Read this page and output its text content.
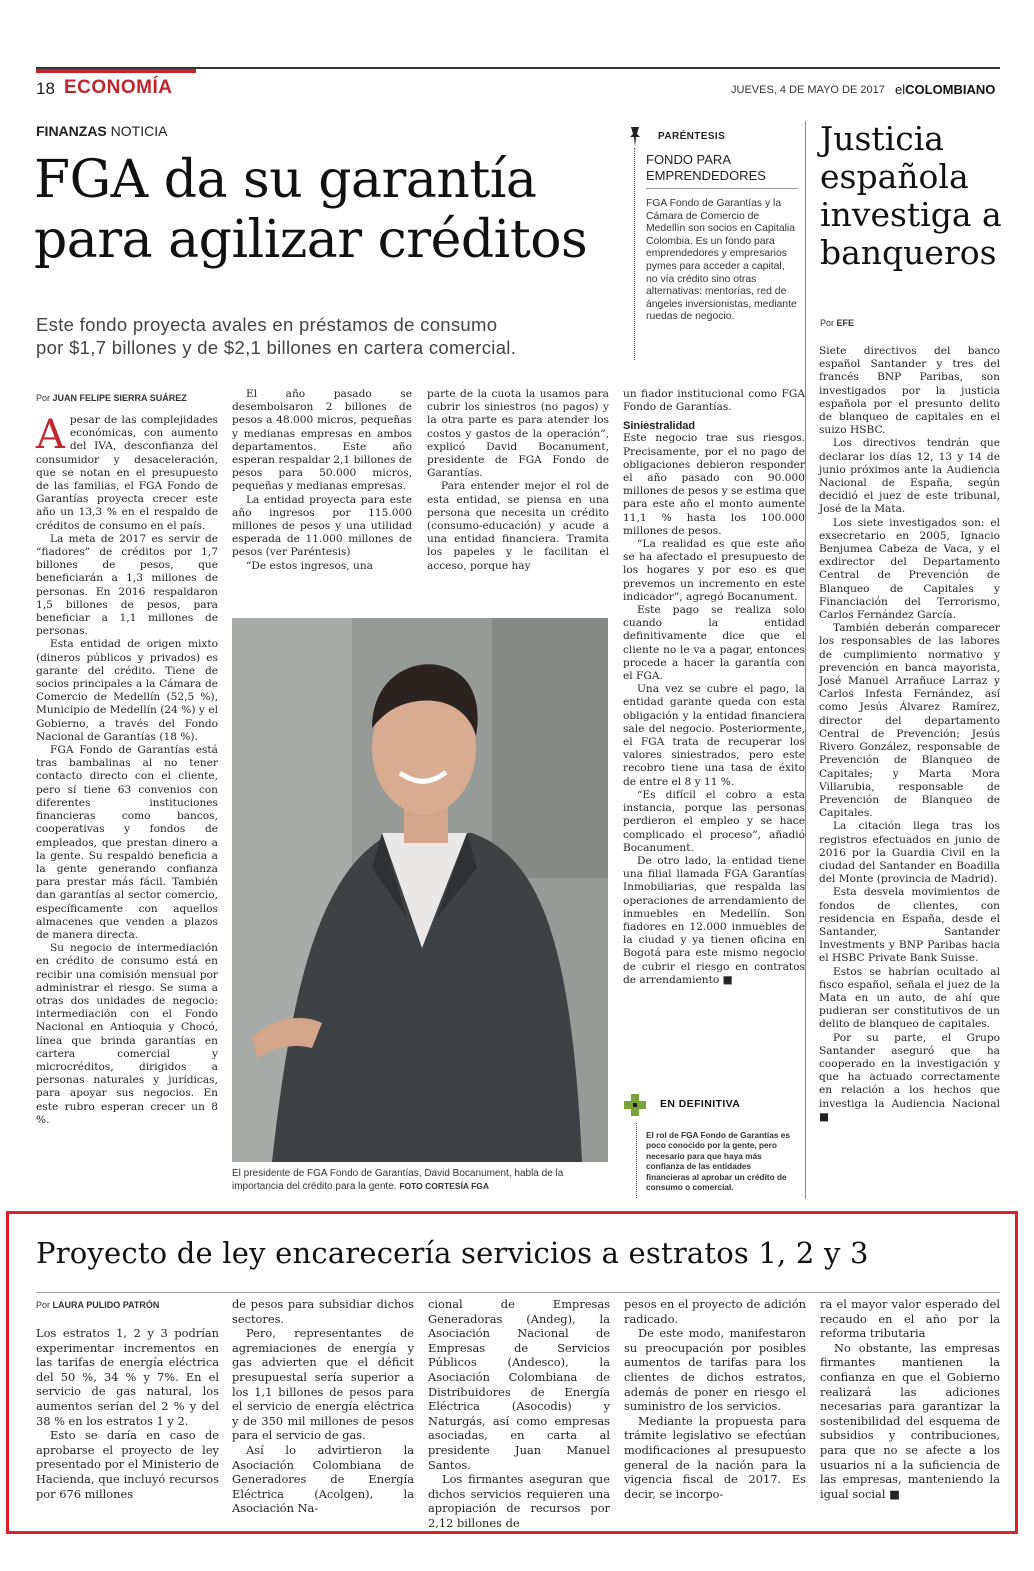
18 ECONOMÍA	JUEVES, 4 DE MAYO DE 2017 elCOLOMBIANO
FINANZAS NOTICIA
FGA da su garantía
para agilizar créditos
Este fondo proyecta avales en préstamos de consumo
por $1,7 billones y de $2,1 billones en cartera comercial.
Por JUAN FELIPE SIERRA SUÁREZ

Apesar de las complejidades económicas, con aumento del IVA, desconfianza del consumidor y desaceleración, que se notan en el presupuesto de las familias, el FGA Fondo de Garantías proyecta crecer este año un 13,3 % en el respaldo de créditos de consumo en el país.

La meta de 2017 es servir de “fiadores” de créditos por 1,7 billones de pesos, que beneficiarán a 1,3 millones de personas. En 2016 respaldaron 1,5 billones de pesos, para beneficiar a 1,1 millones de personas.

Esta entidad de origen mixto (dineros públicos y privados) es garante del crédito. Tiene de socios principales a la Cámara de Comercio de Medellín (52,5 %), Municipio de Medellín (24 %) y el Gobierno, a través del Fondo Nacional de Garantías (18 %).

FGA Fondo de Garantías está tras bambalinas al no tener contacto directo con el cliente, pero sí tiene 63 convenios con diferentes instituciones financieras como bancos, cooperativas y fondos de empleados, que prestan dinero a la gente. Su respaldo beneficia a la gente generando confianza para prestar más fácil. También dan garantías al sector comercio, específicamente con aquellos almacenes que venden a plazos de manera directa.

Su negocio de intermediación en crédito de consumo está en recibir una comisión mensual por administrar el riesgo. Se suma a otras dos unidades de negocio: intermediación con el Fondo Nacional en Antioquia y Chocó, línea que brinda garantías en cartera comercial y microcréditos, dirigidos a personas naturales y jurídicas, para apoyar sus negocios. En este rubro esperan crecer un 8 %.

El año pasado se desembolsaron 2 billones de pesos a 48.000 micros, pequeñas y medianas empresas en ambos departamentos. Este año esperan respaldar 2,1 billones de pesos para 50.000 micros, pequeñas y medianas empresas.

La entidad proyecta para este año ingresos por 115.000 millones de pesos y una utilidad esperada de 11.000 millones de pesos (ver Paréntesis)

“De estos ingresos, una

parte de la cuota la usamos para cubrir los siniestros (no pagos) y la otra parte es para atender los costos y gastos de la operación”, explicó David Bocanument, presidente de FGA Fondo de Garantías.

Para entender mejor el rol de esta entidad, se piensa en una persona que necesita un crédito (consumo-educación) y acude a una entidad financiera. Tramita los papeles y le facilitan el acceso, porque hay

El presidente de FGA Fondo de Garantías, David Bocanument, habla de la importancia del crédito para la gente. FOTO CORTESÍA FGA

un fiador institucional como FGA Fondo de Garantías.

Siniestralidad

Este negocio trae sus riesgos. Precisamente, por el no pago de obligaciones debieron responder el año pasado con 90.000 millones de pesos y se estima que para este año el monto aumente 11,1 % hasta los 100.000 millones de pesos.

“La realidad es que este año se ha afectado el presupuesto de los hogares y por eso es que prevemos un incremento en este indicador”, agregó Bocanument.

Este pago se realiza solo cuando la entidad definitivamente dice que el cliente no le va a pagar, entonces procede a hacer la garantía con el FGA.

Una vez se cubre el pago, la entidad garante queda con esta obligación y la entidad financiera sale del negocio. Posteriormente, el FGA trata de recuperar los valores siniestrados, pero este recobro tiene una tasa de éxito de entre el 8 y 11 %.

“Es difícil el cobro a esta instancia, porque las personas perdieron el empleo y se hace complicado el proceso”, añadió Bocanument.

De otro lado, la entidad tiene una filial llamada FGA Garantías Inmobiliarias, que respalda las operaciones de arrendamiento de inmuebles en Medellín. Son fiadores en 12.000 inmuebles de la ciudad y ya tienen oficina en Bogotá para este mismo negocio de cubrir el riesgo en contratos de arrendamiento ■

PARÉNTESIS
FONDO PARA EMPRENDEDORES
FGA Fondo de Garantías y la Cámara de Comercio de Medellín son socios en Capitalia Colombia. Es un fondo para emprendedores y empresarios pymes para acceder a capital, no vía crédito sino otras alternativas: mentorías, red de ángeles inversionistas, mediante ruedas de negocio.
EN DEFINITIVA
El rol de FGA Fondo de Garantías es poco conocido por la gente, pero necesario para que haya más confianza de las entidades financieras al aprobar un crédito de consumo o comercial.
Justicia española investiga a banqueros
Por EFE

Siete directivos del banco español Santander y tres del francés BNP Paribas, son investigados por la justicia española por el presunto delito de blanqueo de capitales en el suizo HSBC.

Los directivos tendrán que declarar los días 12, 13 y 14 de junio próximos ante la Audiencia Nacional de España, según decidió el juez de este tribunal, José de la Mata.

Los siete investigados son: el exsecretario en 2005, Ignacio Benjumea Cabeza de Vaca, y el exdirector del Departamento Central de Prevención de Blanqueo de Capitales y Financiación del Terrorismo, Carlos Fernández García.

También deberán comparecer los responsables de las labores de cumplimiento normativo y prevención en banca mayorista, José Manuel Arrañuce Larraz y Carlos Infesta Fernández, así como Jesús Álvarez Ramírez, director del departamento Central de Prevención; Jesús Rivero González, responsable de Prevención de Blanqueo de Capitales; y Marta Mora Villarubia, responsable de Prevención de Blanqueo de Capitales.

La citación llega tras los registros efectuados en junio de 2016 por la Guardia Civil en la ciudad del Santander en Boadilla del Monte (provincia de Madrid).

Esta desvela movimientos de fondos de clientes, con residencia en España, desde el Santander, Santander Investments y BNP Paribas hacia el HSBC Private Bank Suisse.

Estos se habrían ocultado al fisco español, señala el juez de la Mata en un auto, de ahí que pudieran ser constitutivos de un delito de blanqueo de capitales.

Por su parte, el Grupo Santander aseguró que ha cooperado en la investigación y que ha actuado correctamente en relación a los hechos que investiga la Audiencia Nacional ■

Proyecto de ley encarecería servicios a estratos 1, 2 y 3
Por LAURA PULIDO PATRÓN

Los estratos 1, 2 y 3 podrían experimentar incrementos en las tarifas de energía eléctrica del 50 %, 34 % y 7%. En el servicio de gas natural, los aumentos serían del 2 % y del 38 % en los estratos 1 y 2.

Esto se daría en caso de aprobarse el proyecto de ley presentado por el Ministerio de Hacienda, que incluyó recursos por 676 millones

de pesos para subsidiar dichos sectores.

Pero, representantes de agremiaciones de energía y gas advierten que el déficit presupuestal sería superior a los 1,1 billones de pesos para el servicio de energía eléctrica y de 350 mil millones de pesos para el servicio de gas.

Así lo advirtieron la Asociación Colombiana de Generadores de Energía Eléctrica (Acolgen), la Asociación Na-

cional de Empresas Generadoras (Andeg), la Asociación Nacional de Empresas de Servicios Públicos (Andesco), la Asociación Colombiana de Distribuidores de Energía Eléctrica (Asocodis) y Naturgás, así como empresas asociadas, en carta al presidente Juan Manuel Santos.

Los firmantes aseguran que dichos servicios requieren una apropiación de recursos por 2,12 billones de

pesos en el proyecto de adición radicado.

De este modo, manifestaron su preocupación por posibles aumentos de tarifas para los clientes de dichos estratos, además de poner en riesgo el suministro de los servicios.

Mediante la propuesta para trámite legislativo se efectúan modificaciones al presupuesto general de la nación para la vigencia fiscal de 2017. Es decir, se incorpo-

ra el mayor valor esperado del recaudo en el año por la reforma tributaria

No obstante, las empresas firmantes mantienen la confianza en que el Gobierno realizará las adiciones necesarias para garantizar la sostenibilidad del esquema de subsidios y contribuciones, para que no se afecte a los usuarios ni a la suficiencia de las empresas, manteniendo la igual social ■
